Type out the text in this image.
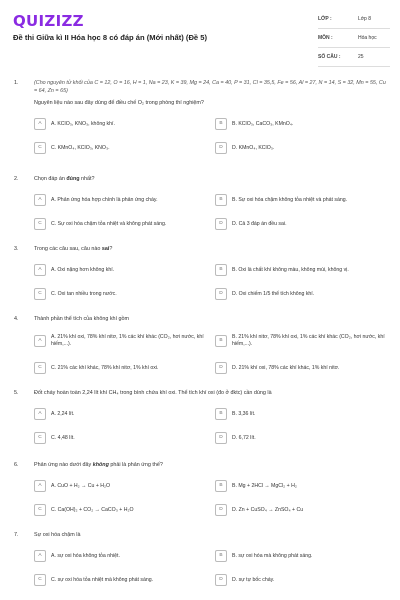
QUIZIZZ
Đề thi Giữa kì II Hóa học 8 có đáp án (Mới nhất) (Đề 5)
LỚP :	Lớp 8
MÔN :	Hóa học
SỐ CÂU :	25
1.	(Cho nguyên tử khối của C = 12, O = 16, H = 1, Na = 23, K = 39, Mg = 24, Ca = 40, P = 31, Cl = 35,5, Fe = 56, Al = 27, N = 14, S = 32, Mn = 55, Cu = 64, Zn = 65)
Nguyên liệu nào sau đây dùng để điều chế O₂ trong phòng thí nghiệm?
A	A. KClO₃, KNO₃, không khí.	B	B. KClO₃, CaCO₃, KMnO₄.
C	C. KMnO₄, KClO₃, KNO₃.	D	D. KMnO₄, KClO₃.
2.	Chọn đáp án đúng nhất?
A	A. Phản ứng hóa hợp chính là phản ứng cháy.	B	B. Sự oxi hóa chậm không tỏa nhiệt và phát sáng.
C	C. Sự oxi hóa chậm tỏa nhiệt và không phát sáng.	D	D. Cả 3 đáp án đều sai.
3.	Trong các câu sau, câu nào sai?
A	A. Oxi nặng hơn không khí.	B	B. Oxi là chất khí không màu, không mùi, không vị.
C	C. Oxi tan nhiều trong nước.	D	D. Oxi chiếm 1/5 thể tích không khí.
4.	Thành phần thể tích của không khí gồm
A
A. 21% khí oxi, 78% khí nitơ, 1% các khí khác (CO₂, hơi nước, khí hiếm,...).
B
B. 21% khí nitơ, 78% khí oxi, 1% các khí khác (CO₂, hơi nước, khí hiếm,...).
C	C. 21% các khí khác, 78% khí nitơ, 1% khí oxi.	D	D. 21% khí oxi, 78% các khí khác, 1% khí nitơ.
5.	Đốt cháy hoàn toàn 2,24 lít khí CH₄ trong bình chứa khí oxi. Thể tích khí oxi (đo ở đktc) cần dùng là
A	A. 2,24 lít.	B	B. 3,36 lít.
C	C. 4,48 lít.	D	D. 6,72 lít.
6.	Phản ứng nào dưới đây không phải là phản ứng thế?
A	A. CuO + H₂ → Cu + H₂O	B	B. Mg + 2HCl → MgCl₂ + H₂
C	C. Ca(OH)₂ + CO₂ → CaCO₃ + H₂O	D	D. Zn + CuSO₄ → ZnSO₄ + Cu
7.	Sự oxi hóa chậm là
A	A. sự oxi hóa không tỏa nhiệt.	B	B. sự oxi hóa mà không phát sáng.
C	C. sự oxi hóa tỏa nhiệt mà không phát sáng.	D	D. sự tự bốc cháy.
